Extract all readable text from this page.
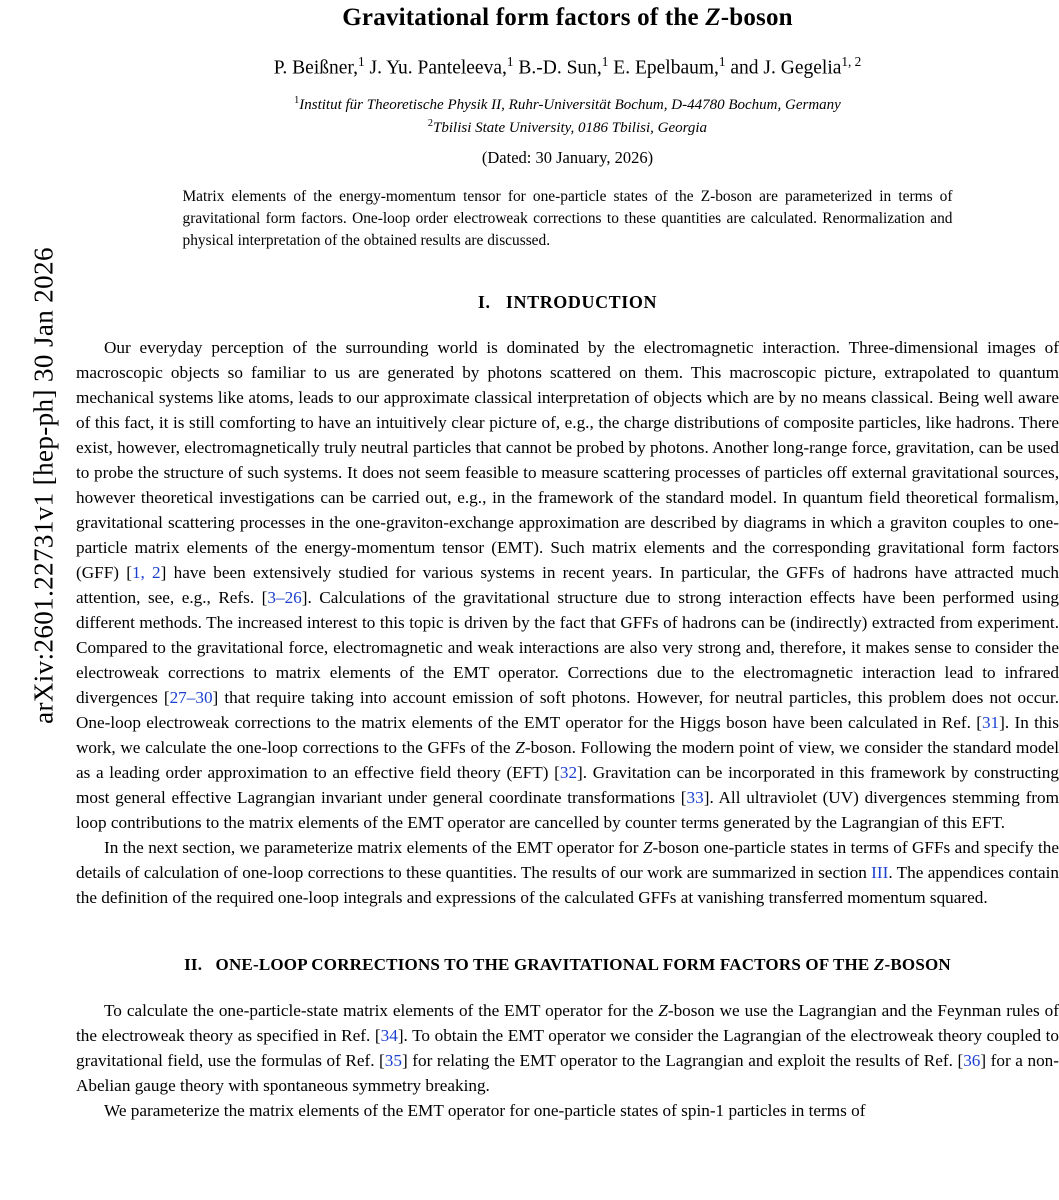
arXiv:2601.22731v1 [hep-ph] 30 Jan 2026
Gravitational form factors of the Z-boson
P. Beißner,$^1$ J. Yu. Panteleeva,$^1$ B.-D. Sun,$^1$ E. Epelbaum,$^1$ and J. Gegelia$^{1, 2}$
$^1$Institut für Theoretische Physik II, Ruhr-Universität Bochum, D-44780 Bochum, Germany
$^2$Tbilisi State University, 0186 Tbilisi, Georgia
(Dated: 30 January, 2026)
Matrix elements of the energy-momentum tensor for one-particle states of the Z-boson are parameterized in terms of gravitational form factors. One-loop order electroweak corrections to these quantities are calculated. Renormalization and physical interpretation of the obtained results are discussed.
I.   INTRODUCTION

Our everyday perception of the surrounding world is dominated by the electromagnetic interaction. Three-dimensional images of macroscopic objects so familiar to us are generated by photons scattered on them. This macroscopic picture, extrapolated to quantum mechanical systems like atoms, leads to our approximate classical interpretation of objects which are by no means classical. Being well aware of this fact, it is still comforting to have an intuitively clear picture of, e.g., the charge distributions of composite particles, like hadrons. There exist, however, electromagnetically truly neutral particles that cannot be probed by photons. Another long-range force, gravitation, can be used to probe the structure of such systems. It does not seem feasible to measure scattering processes of particles off external gravitational sources, however theoretical investigations can be carried out, e.g., in the framework of the standard model. In quantum field theoretical formalism, gravitational scattering processes in the one-graviton-exchange approximation are described by diagrams in which a graviton couples to one-particle matrix elements of the energy-momentum tensor (EMT). Such matrix elements and the corresponding gravitational form factors (GFF) [1, 2] have been extensively studied for various systems in recent years. In particular, the GFFs of hadrons have attracted much attention, see, e.g., Refs. [3–26]. Calculations of the gravitational structure due to strong interaction effects have been performed using different methods. The increased interest to this topic is driven by the fact that GFFs of hadrons can be (indirectly) extracted from experiment. Compared to the gravitational force, electromagnetic and weak interactions are also very strong and, therefore, it makes sense to consider the electroweak corrections to matrix elements of the EMT operator. Corrections due to the electromagnetic interaction lead to infrared divergences [27–30] that require taking into account emission of soft photons. However, for neutral particles, this problem does not occur. One-loop electroweak corrections to the matrix elements of the EMT operator for the Higgs boson have been calculated in Ref. [31]. In this work, we calculate the one-loop corrections to the GFFs of the Z-boson. Following the modern point of view, we consider the standard model as a leading order approximation to an effective field theory (EFT) [32]. Gravitation can be incorporated in this framework by constructing most general effective Lagrangian invariant under general coordinate transformations [33]. All ultraviolet (UV) divergences stemming from loop contributions to the matrix elements of the EMT operator are cancelled by counter terms generated by the Lagrangian of this EFT.

In the next section, we parameterize matrix elements of the EMT operator for Z-boson one-particle states in terms of GFFs and specify the details of calculation of one-loop corrections to these quantities. The results of our work are summarized in section III. The appendices contain the definition of the required one-loop integrals and expressions of the calculated GFFs at vanishing transferred momentum squared.

II.   ONE-LOOP CORRECTIONS TO THE GRAVITATIONAL FORM FACTORS OF THE Z-BOSON

To calculate the one-particle-state matrix elements of the EMT operator for the Z-boson we use the Lagrangian and the Feynman rules of the electroweak theory as specified in Ref. [34]. To obtain the EMT operator we consider the Lagrangian of the electroweak theory coupled to gravitational field, use the formulas of Ref. [35] for relating the EMT operator to the Lagrangian and exploit the results of Ref. [36] for a non-Abelian gauge theory with spontaneous symmetry breaking.

We parameterize the matrix elements of the EMT operator for one-particle states of spin-1 particles in terms of
